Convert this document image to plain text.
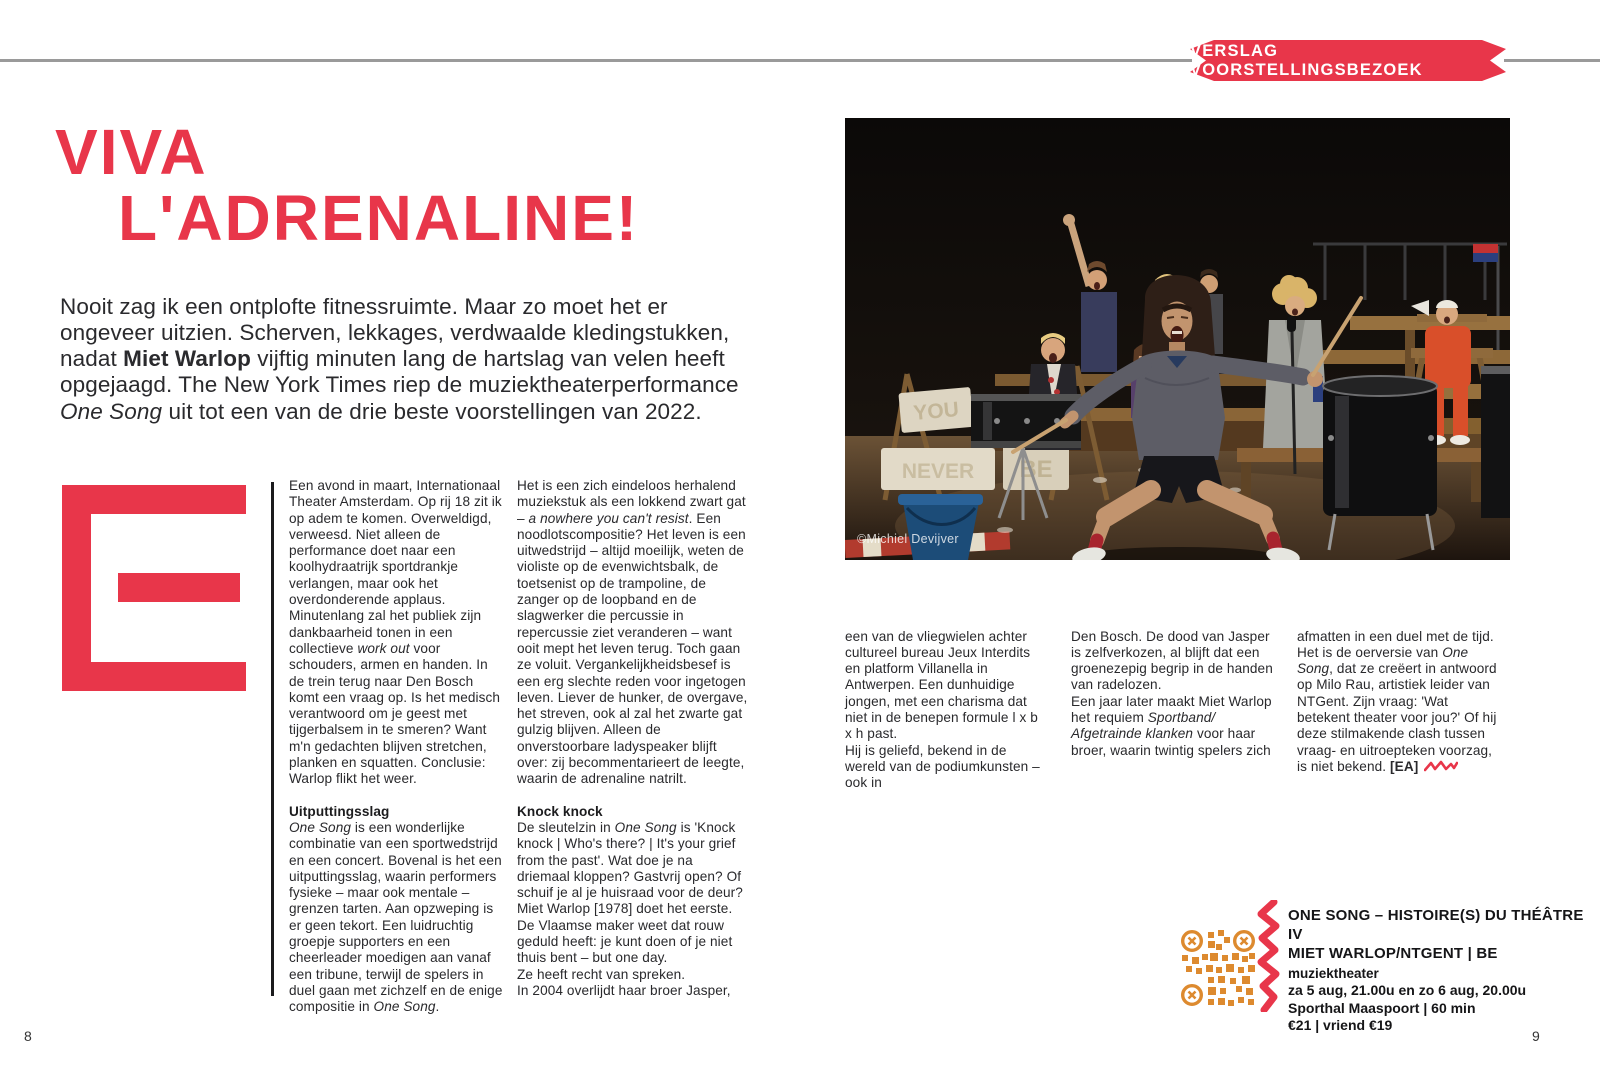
VERSLAG VOORSTELLINGSBEZOEK
VIVA
L'ADRENALINE!

Nooit zag ik een ontplofte fitnessruimte. Maar zo moet het er ongeveer uitzien. Scherven, lekkages, verdwaalde kledingstukken, nadat Miet Warlop vijftig minuten lang de hartslag van velen heeft opgejaagd. The New York Times riep de muziektheaterperformance One Song uit tot een van de drie beste voorstellingen van 2022.

Een avond in maart, Internationaal Theater Amsterdam. Op rij 18 zit ik op adem te komen. Overweldigd, verweesd. Niet alleen de performance doet naar een koolhydraatrijk sportdrankje verlangen, maar ook het overdonderende applaus. Minutenlang zal het publiek zijn dankbaarheid tonen in een collectieve work out voor schouders, armen en handen. In de trein terug naar Den Bosch komt een vraag op. Is het medisch verantwoord om je geest met tijgerbalsem in te smeren? Want m'n gedachten blijven stretchen, planken en squatten. Conclusie: Warlop flikt het weer.

Uitputtingsslag

One Song is een wonderlijke combinatie van een sportwedstrijd en een concert. Bovenal is het een uitputtingsslag, waarin performers fysieke – maar ook mentale – grenzen tarten. Aan opzweping is er geen tekort. Een luidruchtig groepje supporters en een cheerleader moedigen aan vanaf een tribune, terwijl de spelers in duel gaan met zichzelf en de enige compositie in One Song.

Het is een zich eindeloos herhalend muziekstuk als een lokkend zwart gat – a nowhere you can't resist. Een noodlotscompositie? Het leven is een uitwedstrijd – altijd moeilijk, weten de violiste op de evenwichtsbalk, de toetsenist op de trampoline, de zanger op de loopband en de slagwerker die percussie in repercussie ziet veranderen – want ooit mept het leven terug. Toch gaan ze voluit. Vergankelijkheidsbesef is een erg slechte reden voor ingetogen leven. Liever de hunker, de overgave, het streven, ook al zal het zwarte gat gulzig blijven. Alleen de onverstoorbare ladyspeaker blijft over: zij becommentarieert de leegte, waarin de adrenaline natrilt.

Knock knock

De sleutelzin in One Song is 'Knock knock | Who's there? | It's your grief from the past'. Wat doe je na driemaal kloppen? Gastvrij open? Of schuif je al je huisraad voor de deur? Miet Warlop [1978] doet het eerste. De Vlaamse maker weet dat rouw geduld heeft: je kunt doen of je niet thuis bent – but one day.
Ze heeft recht van spreken.
In 2004 overlijdt haar broer Jasper,

YOU
NEVER BE
©Michiel Devijver

een van de vliegwielen achter cultureel bureau Jeux Interdits en platform Villanella in Antwerpen. Een dunhuidige jongen, met een charisma dat niet in de benepen formule l x b x h past.
Hij is geliefd, bekend in de wereld van de podiumkunsten – ook in

Den Bosch. De dood van Jasper is zelfverkozen, al blijft dat een groenezepig begrip in de handen van radelozen.
Een jaar later maakt Miet Warlop het requiem Sportband/
Afgetrainde klanken voor haar broer, waarin twintig spelers zich

afmatten in een duel met de tijd. Het is de oerversie van One Song, dat ze creëert in antwoord op Milo Rau, artistiek leider van NTGent. Zijn vraag: 'Wat betekent theater voor jou?' Of hij deze stilmakende clash tussen vraag- en uitroepteken voorzag, is niet bekend. [EA]

ONE SONG – HISTOIRE(S) DU THÉÂTRE IV
MIET WARLOP/NTGENT | BE
muziektheater
za 5 aug, 21.00u en zo 6 aug, 20.00u
Sporthal Maaspoort | 60 min
€21 | vriend €19
8	9
